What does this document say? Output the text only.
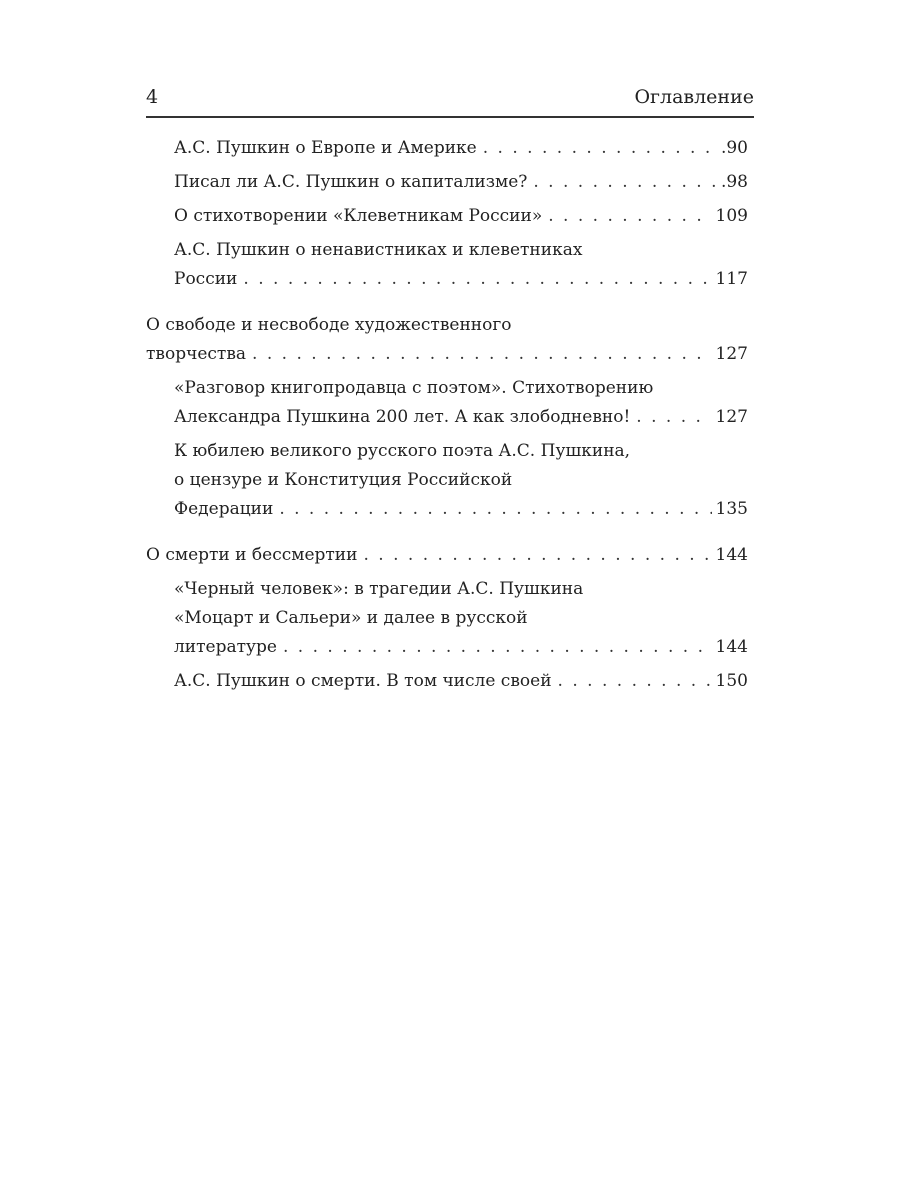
4	Оглавление
А.С. Пушкин о Европе и Америке . . .	.90
Писал ли А.С. Пушкин о капитализме? . . .	.98
О стихотворении «Клеветникам России» . . .	109
А.С. Пушкин о ненавистниках и клеветниках
России . . .	117
О свободе и несвободе художественного
творчества . . .	127
«Разговор книгопродавца с поэтом». Стихотворению
Александра Пушкина 200 лет. А как злободневно! . . .	127
К юбилею великого русского поэта А.С. Пушкина,
о цензуре и Конституция Российской
Федерации . . .	135
О смерти и бессмертии . . .	144
«Черный человек»: в трагедии А.С. Пушкина
«Моцарт и Сальери» и далее в русской
литературе . . .	144
А.С. Пушкин о смерти. В том числе своей . . .	150
